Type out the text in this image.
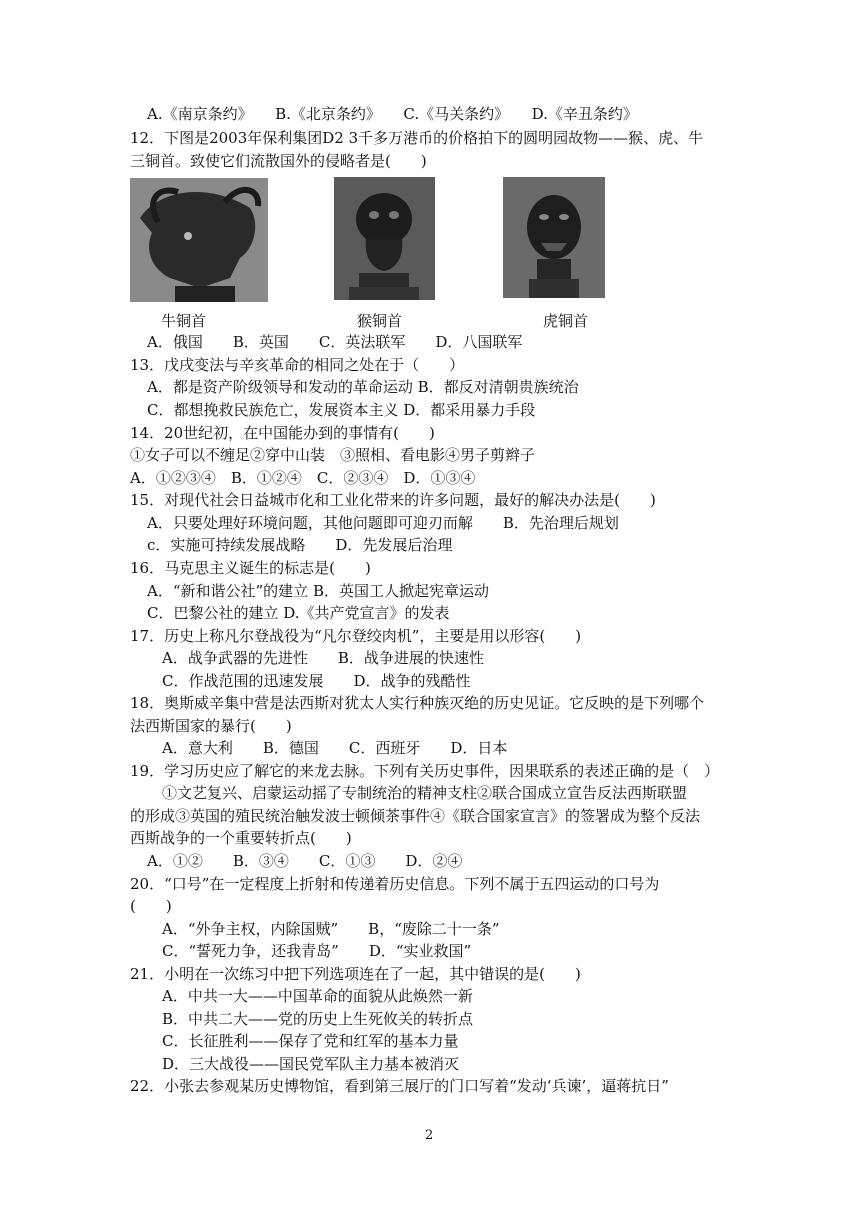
A.《南京条约》　　B.《北京条约》　　C.《马关条约》　　D.《辛丑条约》
12．下图是2003年保利集团D2 3千多万港币的价格拍下的圆明园故物——猴、虎、牛
三铜首。致使它们流散国外的侵略者是(　　)
牛铜首	猴铜首	虎铜首
A．俄国　　B．英国　　C．英法联军　　D．八国联军
13．戊戌变法与辛亥革命的相同之处在于（　　）
A．都是资产阶级领导和发动的革命运动 B．都反对清朝贵族统治
C．都想挽救民族危亡，发展资本主义 D．都采用暴力手段
14．20世纪初，在中国能办到的事情有(　　)
①女子可以不缠足②穿中山装　③照相、看电影④男子剪辫子
A．①②③④　B．①②④　C．②③④　D．①③④
15．对现代社会日益城市化和工业化带来的许多问题，最好的解决办法是(　　)
A．只要处理好环境问题，其他问题即可迎刃而解　　B．先治理后规划
c．实施可持续发展战略　　D．先发展后治理
16．马克思主义诞生的标志是(　　)
A．“新和谐公社”的建立 B．英国工人掀起宪章运动
C．巴黎公社的建立 D.《共产党宣言》的发表
17．历史上称凡尔登战役为“凡尔登绞肉机”，主要是用以形容(　　)
A．战争武器的先进性　　B．战争进展的快速性
C．作战范围的迅速发展　　D．战争的残酷性
18．奥斯威辛集中营是法西斯对犹太人实行种族灭绝的历史见证。它反映的是下列哪个
法西斯国家的暴行(　　)
A．意大利　　B．德国　　C．西班牙　　D．日本
19．学习历史应了解它的来龙去脉。下列有关历史事件，因果联系的表述正确的是（　）
①文艺复兴、启蒙运动摇了专制统治的精神支柱②联合国成立宣告反法西斯联盟
的形成③英国的殖民统治触发波士顿倾茶事件④《联合国家宣言》的签署成为整个反法
西斯战争的一个重要转折点(　　)
A．①②　　B．③④　　C．①③　　D．②④
20．“口号”在一定程度上折射和传递着历史信息。下列不属于五四运动的口号为
(　　)
A．“外争主权，内除国贼”　　B，“废除二十一条”
C．“誓死力争，还我青岛”　　D．“实业救国”
21．小明在一次练习中把下列选项连在了一起，其中错误的是(　　)
A．中共一大——中国革命的面貌从此焕然一新
B．中共二大——党的历史上生死攸关的转折点
C．长征胜利——保存了党和红军的基本力量
D．三大战役——国民党军队主力基本被消灭
22．小张去参观某历史博物馆，看到第三展厅的门口写着“发动‘兵谏’，逼蒋抗日”
2
